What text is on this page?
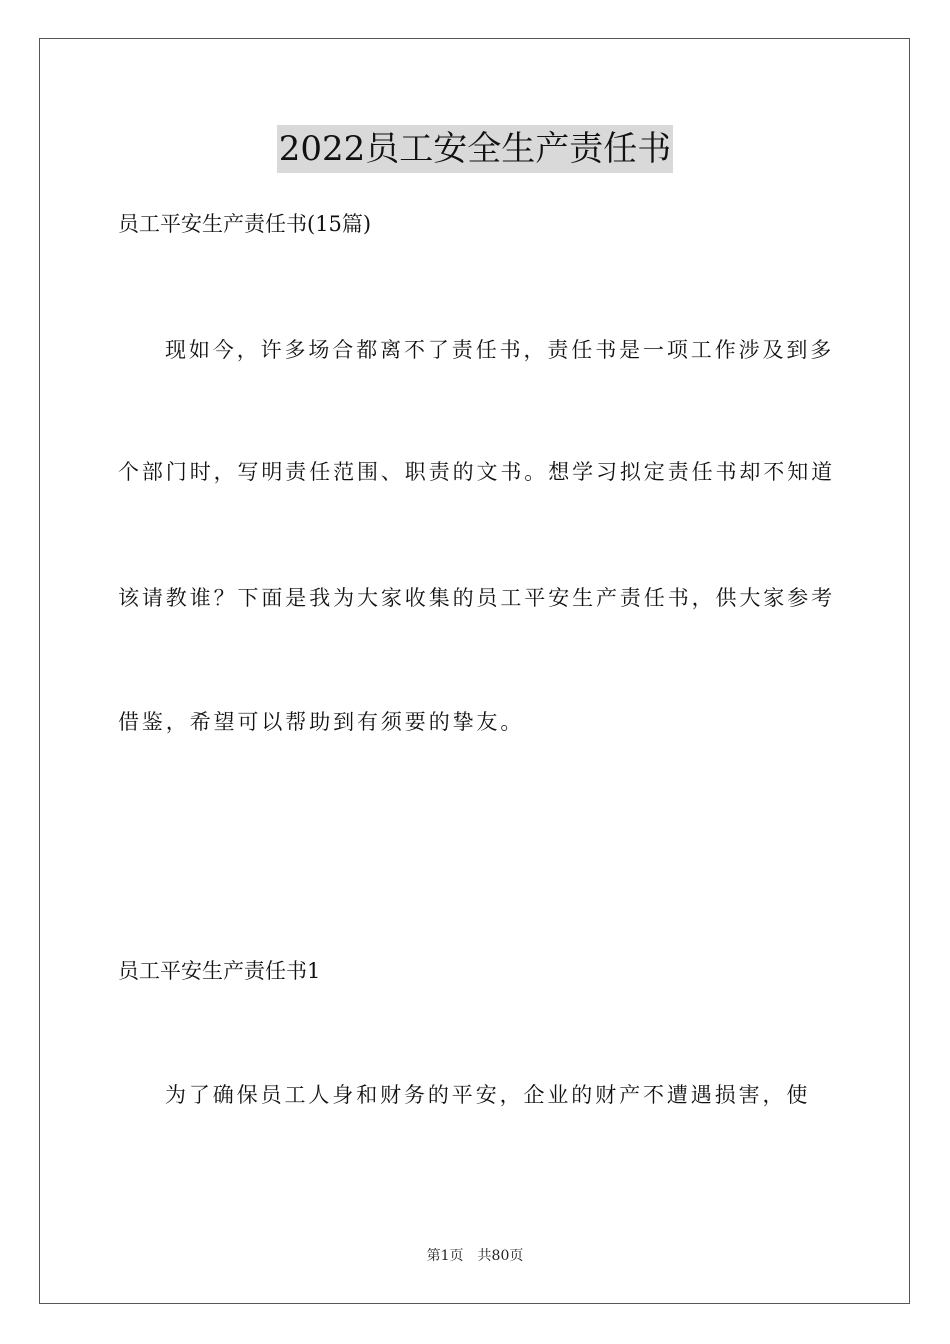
2022员工安全生产责任书

员工平安生产责任书(15篇)

现如今，许多场合都离不了责任书，责任书是一项工作涉及到多

个部门时，写明责任范围、职责的文书。想学习拟定责任书却不知道

该请教谁？下面是我为大家收集的员工平安生产责任书，供大家参考

借鉴，希望可以帮助到有须要的挚友。

员工平安生产责任书1

为了确保员工人身和财务的平安，企业的财产不遭遇损害，使

第1页 共80页
